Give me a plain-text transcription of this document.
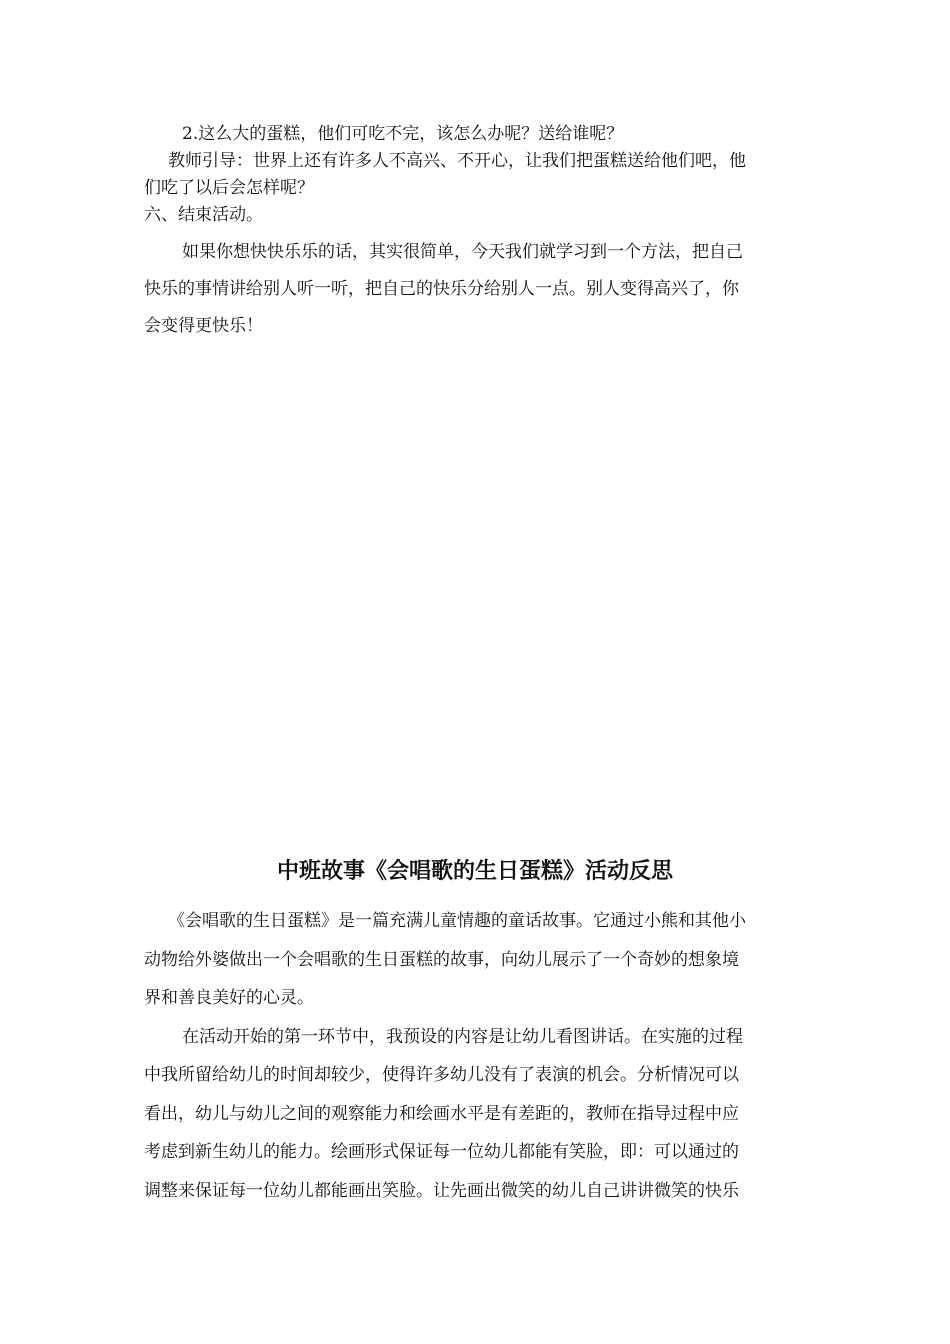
2.这么大的蛋糕，他们可吃不完，该怎么办呢？送给谁呢？

教师引导：世界上还有许多人不高兴、不开心，让我们把蛋糕送给他们吧，他

们吃了以后会怎样呢？

六、结束活动。

如果你想快快乐乐的话，其实很简单，今天我们就学习到一个方法，把自己

快乐的事情讲给别人听一听，把自己的快乐分给别人一点。别人变得高兴了，你

会变得更快乐！

中班故事《会唱歌的生日蛋糕》活动反思

《会唱歌的生日蛋糕》是一篇充满儿童情趣的童话故事。它通过小熊和其他小

动物给外婆做出一个会唱歌的生日蛋糕的故事，向幼儿展示了一个奇妙的想象境

界和善良美好的心灵。

在活动开始的第一环节中，我预设的内容是让幼儿看图讲话。在实施的过程

中我所留给幼儿的时间却较少，使得许多幼儿没有了表演的机会。分析情况可以

看出，幼儿与幼儿之间的观察能力和绘画水平是有差距的，教师在指导过程中应

考虑到新生幼儿的能力。绘画形式保证每一位幼儿都能有笑脸，即：可以通过的

调整来保证每一位幼儿都能画出笑脸。让先画出微笑的幼儿自己讲讲微笑的快乐
